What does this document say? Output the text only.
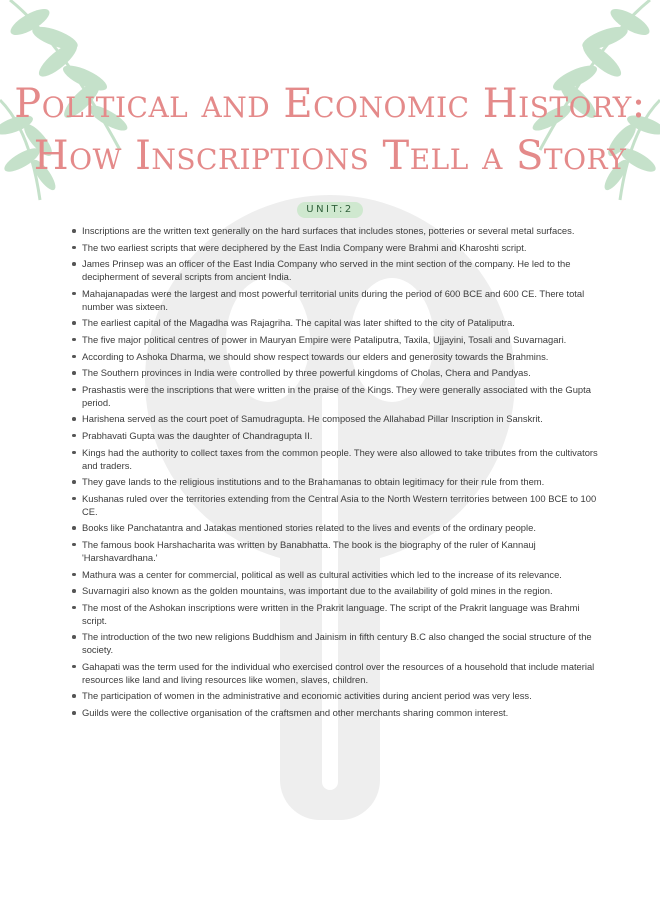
Political and Economic History:
How Inscriptions Tell a Story
UNIT:2
Inscriptions are the written text generally on the hard surfaces that includes stones, potteries or several metal surfaces.
The two earliest scripts that were deciphered by the East India Company were Brahmi and Kharoshti script.
James Prinsep was an officer of the East India Company who served in the mint section of the company. He led to the decipherment of several scripts from ancient India.
Mahajanapadas were the largest and most powerful territorial units during the period of 600 BCE and 600 CE. There total number was sixteen.
The earliest capital of the Magadha was Rajagriha. The capital was later shifted to the city of Pataliputra.
The five major political centres of power in Mauryan Empire were Pataliputra, Taxila, Ujjayini, Tosali and Suvarnagari.
According to Ashoka Dharma, we should show respect towards our elders and generosity towards the Brahmins.
The Southern provinces in India were controlled by three powerful kingdoms of Cholas, Chera and Pandyas.
Prashastis were the inscriptions that were written in the praise of the Kings. They were generally associated with the Gupta period.
Harishena served as the court poet of Samudragupta. He composed the Allahabad Pillar Inscription in Sanskrit.
Prabhavati Gupta was the daughter of Chandragupta II.
Kings had the authority to collect taxes from the common people. They were also allowed to take tributes from the cultivators and traders.
They gave lands to the religious institutions and to the Brahamanas to obtain legitimacy for their rule from them.
Kushanas ruled over the territories extending from the Central Asia to the North Western territories between 100 BCE to 100 CE.
Books like Panchatantra and Jatakas mentioned stories related to the lives and events of the ordinary people.
The famous book Harshacharita was written by Banabhatta. The book is the biography of the ruler of Kannauj 'Harshavardhana.'
Mathura was a center for commercial, political as well as cultural activities which led to the increase of its relevance.
Suvarnagiri also known as the golden mountains, was important due to the availability of gold mines in the region.
The most of the Ashokan inscriptions were written in the Prakrit language. The script of the Prakrit language was Brahmi script.
The introduction of the two new religions Buddhism and Jainism in fifth century B.C also changed the social structure of the society.
Gahapati was the term used for the individual who exercised control over the resources of a household that include material resources like land and living resources like women, slaves, children.
The participation of women in the administrative and economic activities during ancient period was very less.
Guilds were the collective organisation of the craftsmen and other merchants sharing common interest.
